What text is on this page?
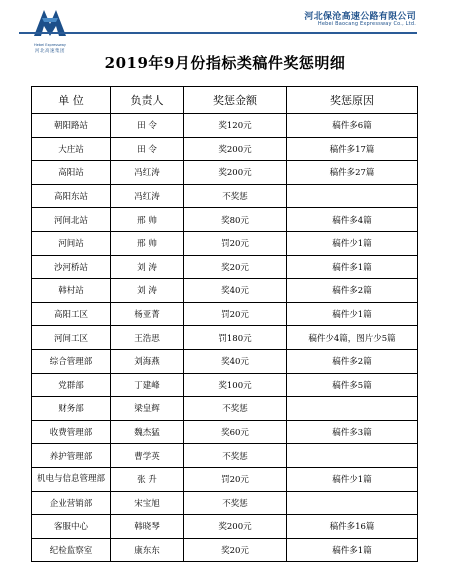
Hebei Expressway
河北高速集团
河北保沧高速公路有限公司
Hebei Baocang Expressway Co., Ltd.
2019年9月份指标类稿件奖惩明细
单 位	负责人	奖惩金额	奖惩原因
朝阳路站	田 令	奖120元	稿件多6篇
大庄站	田 令	奖200元	稿件多17篇
高阳站	冯红涛	奖200元	稿件多27篇
高阳东站	冯红涛	不奖惩	
河间北站	邢 帅	奖80元	稿件多4篇
河间站	邢 帅	罚20元	稿件少1篇
沙河桥站	刘 涛	奖20元	稿件多1篇
韩村站	刘 涛	奖40元	稿件多2篇
高阳工区	杨亚菁	罚20元	稿件少1篇
河间工区	王浩思	罚180元	稿件少4篇，图片少5篇
综合管理部	刘海燕	奖40元	稿件多2篇
党群部	丁建峰	奖100元	稿件多5篇
财务部	梁皇辉	不奖惩	
收费管理部	魏杰猛	奖60元	稿件多3篇
养护管理部	曹学英	不奖惩	
机电与信息管理部	张 升	罚20元	稿件少1篇
企业营销部	宋宝旭	不奖惩	
客服中心	韩晓琴	奖200元	稿件多16篇
纪检监察室	康东东	奖20元	稿件多1篇
